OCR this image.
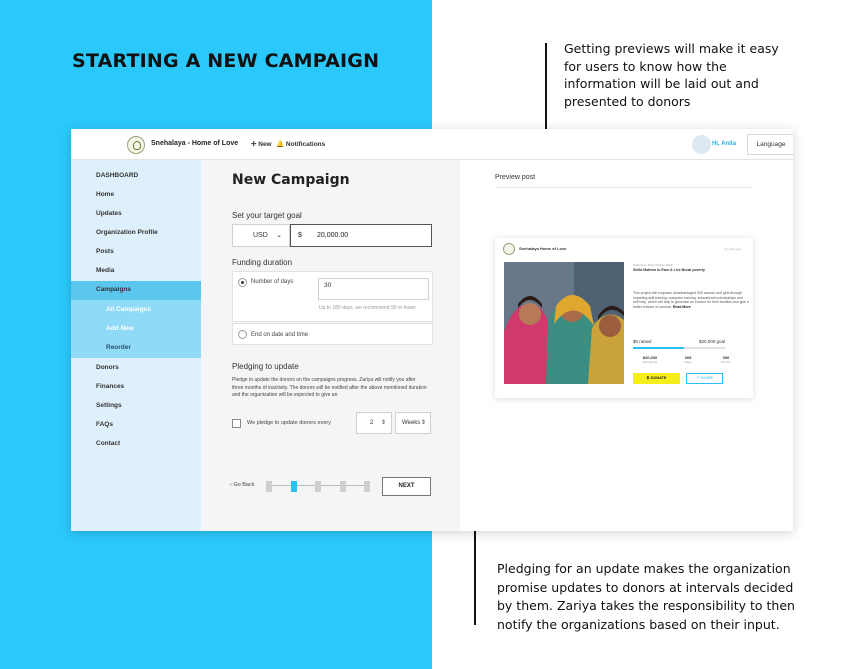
STARTING A NEW CAMPAIGN
Getting previews will make it easy for users to know how the information will be laid out and presented to donors
Pledging for an update makes the organization promise updates to donors at intervals decided by them. Zariya takes the responsibility to then notify the organizations based on their input.
Snehalaya - Home of Love ✢ New 🔔 Notifications	Hi, Anita	Language
DASHBOARD
Home
Updates
Organization Profile
Posts
Media
Campaigns
All Campaigns
Add New
Reorder
Donors
Finances
Settings
FAQs
Contact
New Campaign
Set your target goal
USD ⌄ $ 20,000.00
Funding duration
Number of days	30
Up to 180 days, we recommend 90 or fewer
End on date and time
Pledging to update
Pledge to update the donors on the campaigns progress. Zariya will notify you after three months of inactivity. The donors will be notified after the above mentioned duration and the organization will be expected to give an
We pledge to update donors every	2 ⇕	Weeks ⇕
‹ Go Back	NEXT
Preview post
Snehalaya Home of Love	An hour ago
Started on 30th October 2020
Stella Mathew to Earn & Live Break poverty
This project will empower disadvantaged 500 women and girls through imparting skill training: computer training, educational scholarships and self help, which will help to generate an income for their families and give a better chance of survival. Read More
$0 raised	$20,000 goal
$20,000
Remaining
205
Days
356
Donors
₿ DONATE	↗ SHARE
